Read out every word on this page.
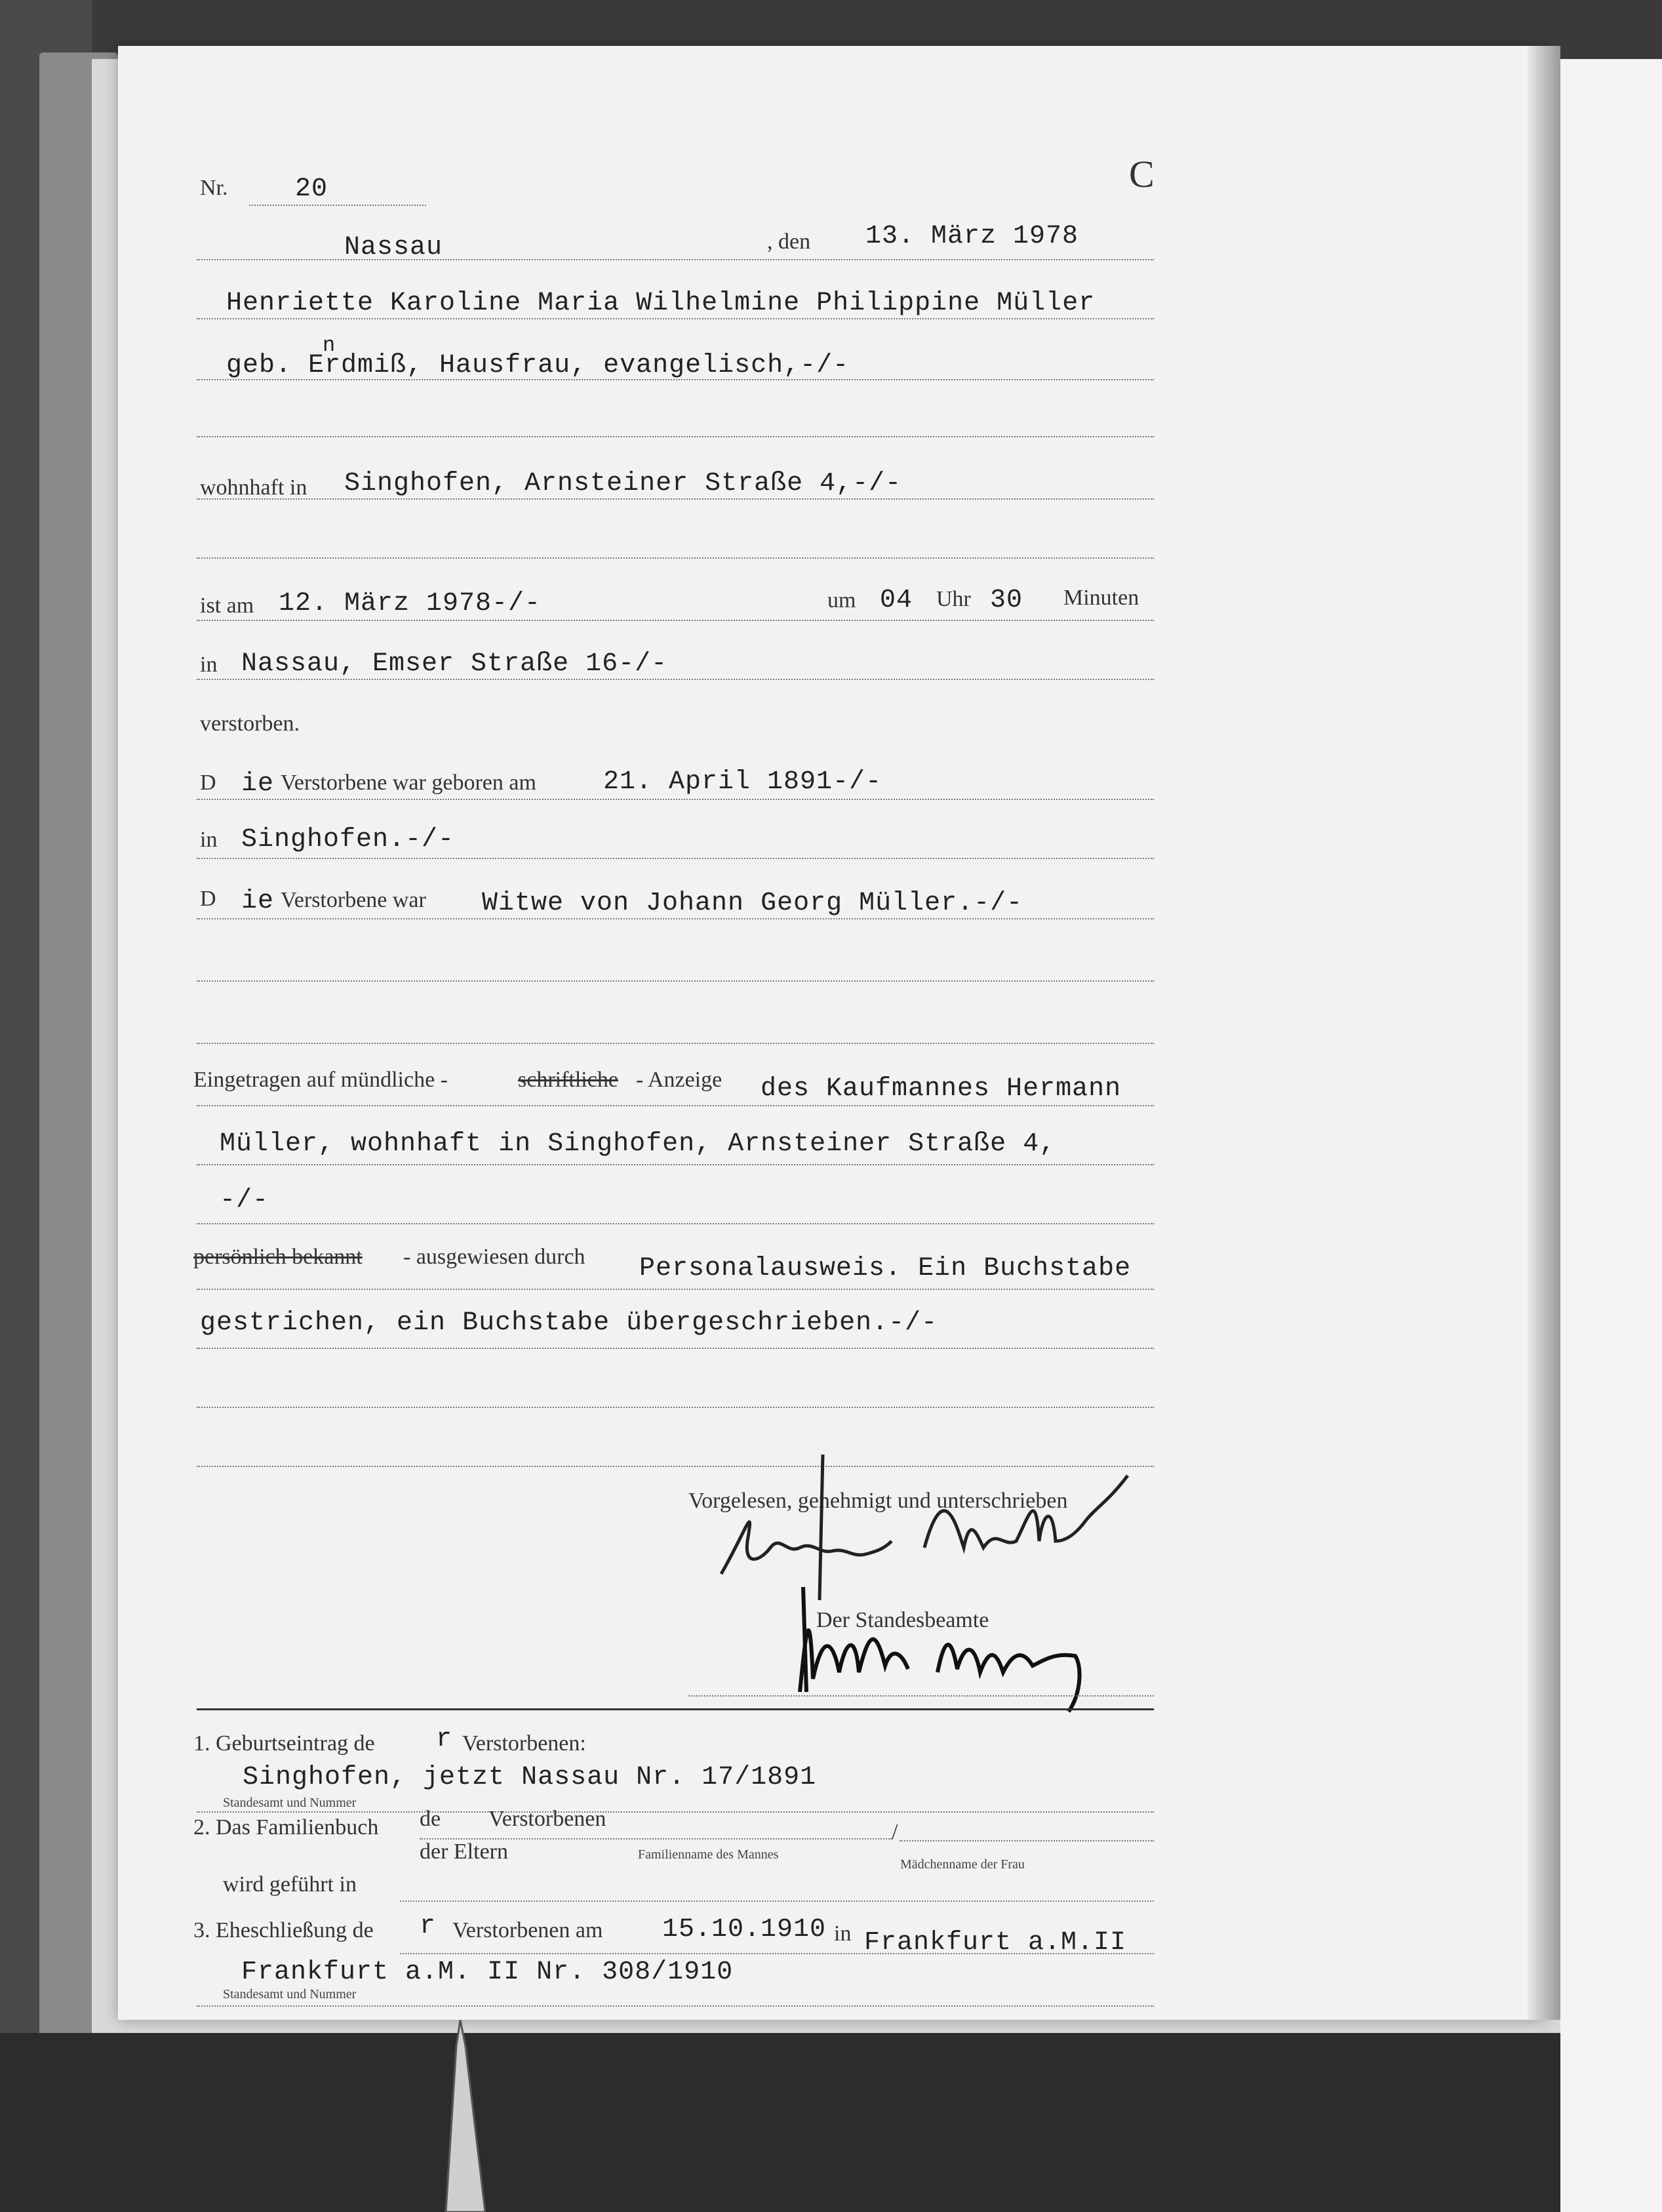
Nr.	20	C
Nassau	, den 13. März 1978
Henriette Karoline Maria Wilhelmine Philippine Müller
geb. Erdmiß, Hausfrau, evangelisch,-/-
n
wohnhaft in Singhofen, Arnsteiner Straße 4,-/-
ist am 12. März 1978-/-	um 04 Uhr 30 Minuten
in Nassau, Emser Straße 16-/-
verstorben.
D ie Verstorbene war geboren am	21. April 1891-/-
in Singhofen.-/-
D ie Verstorbene war Witwe von Johann Georg Müller.-/-
Eingetragen auf mündliche -	schriftliche - Anzeige des Kaufmannes Hermann
Müller, wohnhaft in Singhofen, Arnsteiner Straße 4,
-/-
persönlich bekannt - ausgewiesen durch Personalausweis. Ein Buchstabe
gestrichen, ein Buchstabe übergeschrieben.-/-
Vorgelesen, genehmigt und unterschrieben
Der Standesbeamte
1. Geburtseintrag de r Verstorbenen:
Singhofen, jetzt Nassau Nr. 17/1891
Standesamt und Nummer
2. Das Familienbuch de Verstorbenen
/
der Eltern	Familienname des Mannes
Mädchenname der Frau
wird geführt in
3. Eheschließung de r Verstorbenen am 15.10.1910 in Frankfurt a.M.II
Frankfurt a.M. II Nr. 308/1910
Standesamt und Nummer
